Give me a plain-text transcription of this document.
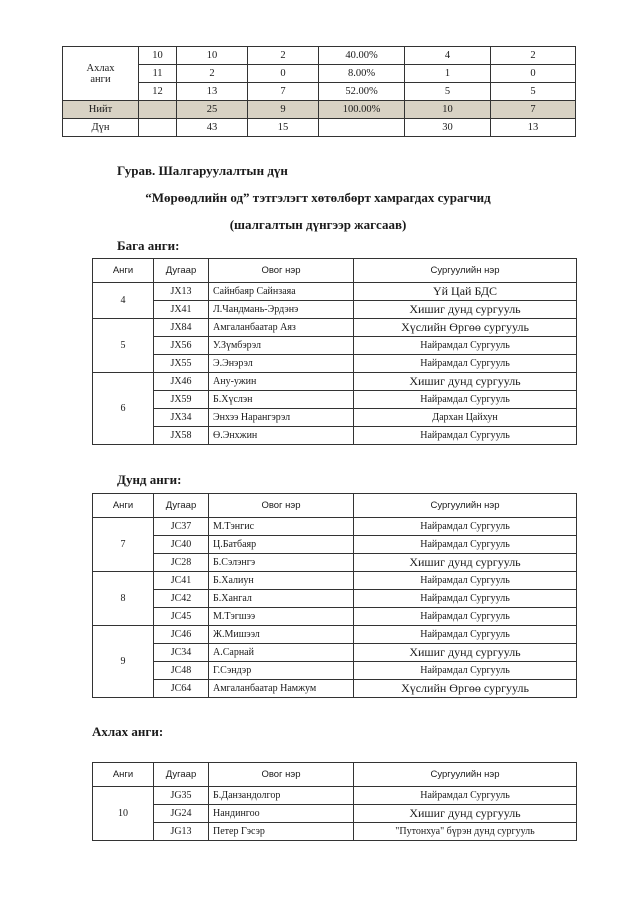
Ахлах
анги	10	10	2	40.00%	4	2
	11	2	0	8.00%	1	0
	12	13	7	52.00%	5	5
Нийт		25	9	100.00%	10	7
Дүн		43	15		30	13
Гурав. Шалгаруулалтын дүн
“Мөрөөдлийн од” тэтгэлэгт хөтөлбөрт хамрагдах сурагчид
(шалгалтын дүнгээр жагсаав)
Бага анги:
Анги	Дугаар	Овог нэр	Сургуулийн нэр
4	JX13	Сайнбаяр Сайнзаяа	Үй Цай БДС
	JX41	Л.Чандмань-Эрдэнэ	Хишиг дунд сургууль
5	JX84	Амгаланбаатар Аяз	Хүслийн Өргөө сургууль
	JX56	У.Зүмбэрэл	Найрамдал Сургууль
	JX55	Э.Энэрэл	Найрамдал Сургууль
6	JX46	Ану-ужин	Хишиг дунд сургууль
	JX59	Б.Хүслэн	Найрамдал Сургууль
	JX34	Энхээ Нарангэрэл	Дархан Цайхун
	JX58	Ө.Энхжин	Найрамдал Сургууль
Дунд анги:
Анги	Дугаар	Овог нэр	Сургуулийн нэр
7	JC37	М.Тэнгис	Найрамдал Сургууль
	JC40	Ц.Батбаяр	Найрамдал Сургууль
	JC28	Б.Сэлэнгэ	Хишиг дунд сургууль
8	JC41	Б.Халиун	Найрамдал Сургууль
	JC42	Б.Хангал	Найрамдал Сургууль
	JC45	М.Тэгшээ	Найрамдал Сургууль
9	JC46	Ж.Мишээл	Найрамдал Сургууль
	JC34	А.Сарнай	Хишиг дунд сургууль
	JC48	Г.Сэндэр	Найрамдал Сургууль
	JC64	Амгаланбаатар Намжум	Хүслийн Өргөө сургууль
Ахлах анги:
Анги	Дугаар	Овог нэр	Сургуулийн нэр
10	JG35	Б.Данзандолгор	Найрамдал Сургууль
	JG24	Нандингоо	Хишиг дунд сургууль
	JG13	Петер Гэсэр	"Путонхуа" бүрэн дунд сургууль
